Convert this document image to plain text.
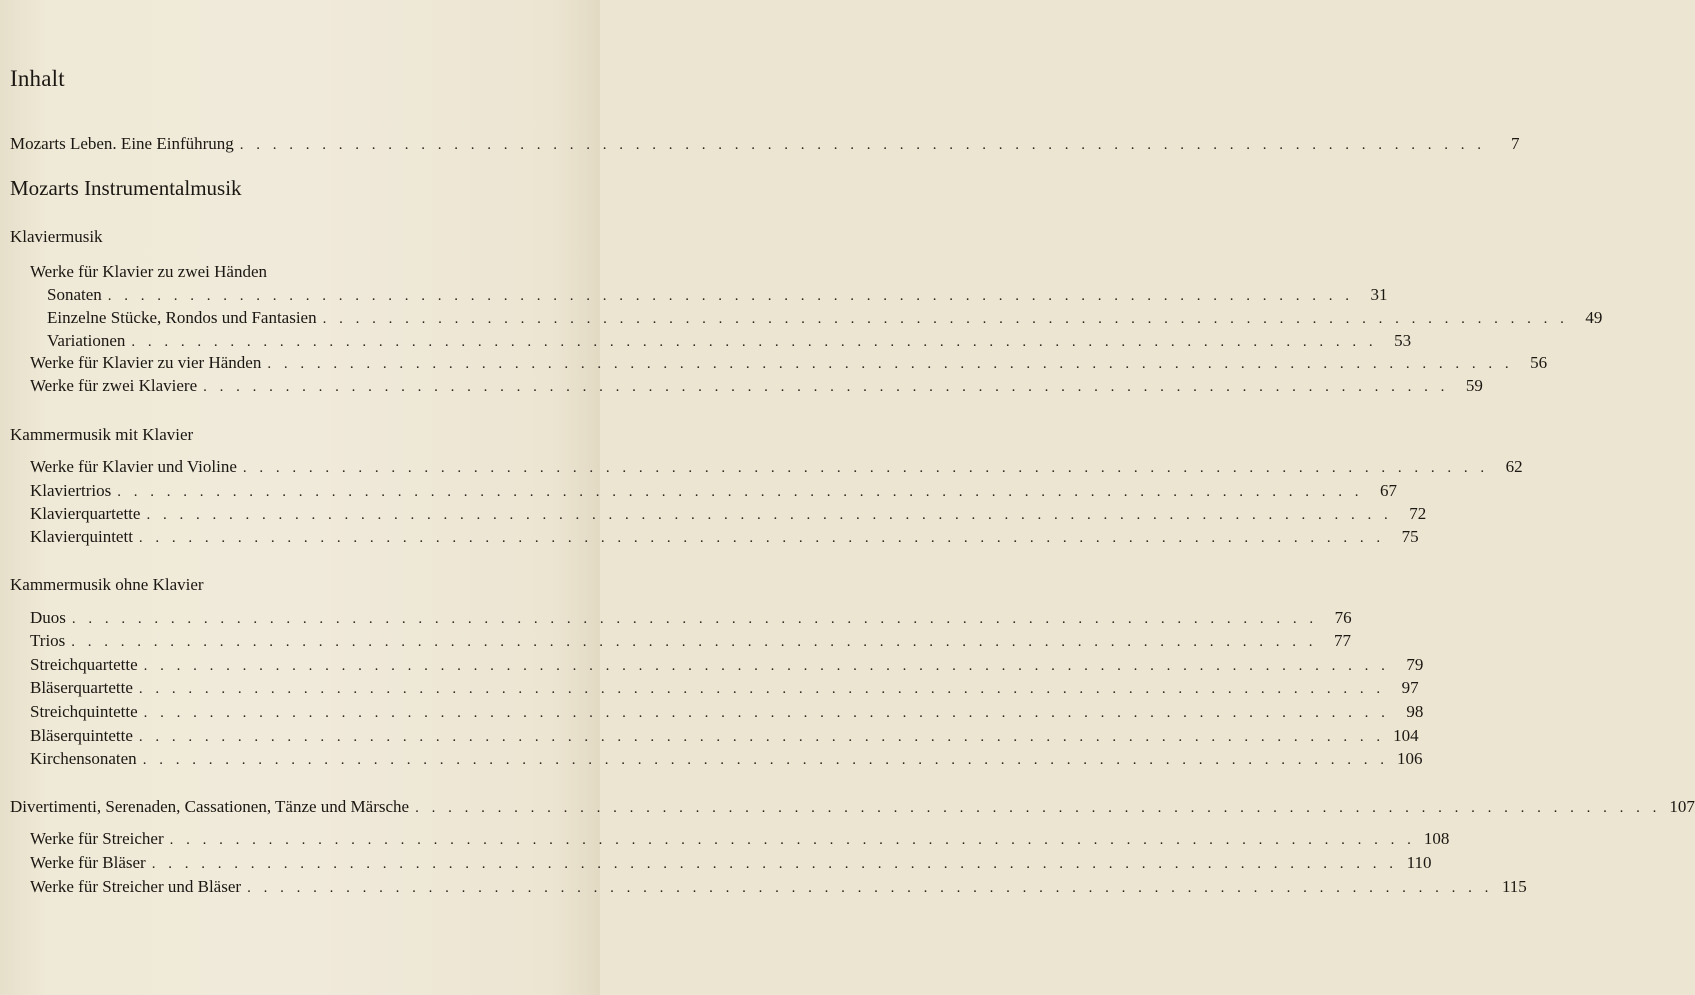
Inhalt
Mozarts Leben. Eine Einführung . . . . . . . . . . . . . . . . . . . . . . . . . . . . . . . . . . . . . . . . . . . . . . . . . . . . . . . . . . . . . . . . . . . . . . . . . . . .	7
Mozarts Instrumentalmusik
Klaviermusik
Werke für Klavier zu zwei Händen
Sonaten . . . . . . . . . . . . . . . . . . . . . . . . . . . . . . . . . . . . . . . . . . . . . . . . . . . . . . . . . . . . . . . . . . . . . . . . . . . .	31
Einzelne Stücke, Rondos und Fantasien . . . . . . . . . . . . . . . . . . . . . . . . . . . . . . . . . . . . . . . . . . . . . . . . . . . . . . . . . . . . . . . . . . . . . . . . . . . .	49
Variationen . . . . . . . . . . . . . . . . . . . . . . . . . . . . . . . . . . . . . . . . . . . . . . . . . . . . . . . . . . . . . . . . . . . . . . . . . . . .	53
Werke für Klavier zu vier Händen . . . . . . . . . . . . . . . . . . . . . . . . . . . . . . . . . . . . . . . . . . . . . . . . . . . . . . . . . . . . . . . . . . . . . . . . . . . .	56
Werke für zwei Klaviere . . . . . . . . . . . . . . . . . . . . . . . . . . . . . . . . . . . . . . . . . . . . . . . . . . . . . . . . . . . . . . . . . . . . . . . . . . . .	59
Kammermusik mit Klavier
Werke für Klavier und Violine . . . . . . . . . . . . . . . . . . . . . . . . . . . . . . . . . . . . . . . . . . . . . . . . . . . . . . . . . . . . . . . . . . . . . . . . . . . .	62
Klaviertrios . . . . . . . . . . . . . . . . . . . . . . . . . . . . . . . . . . . . . . . . . . . . . . . . . . . . . . . . . . . . . . . . . . . . . . . . . . . .	67
Klavierquartette . . . . . . . . . . . . . . . . . . . . . . . . . . . . . . . . . . . . . . . . . . . . . . . . . . . . . . . . . . . . . . . . . . . . . . . . . . . .	72
Klavierquintett . . . . . . . . . . . . . . . . . . . . . . . . . . . . . . . . . . . . . . . . . . . . . . . . . . . . . . . . . . . . . . . . . . . . . . . . . . . .	75
Kammermusik ohne Klavier
Duos . . . . . . . . . . . . . . . . . . . . . . . . . . . . . . . . . . . . . . . . . . . . . . . . . . . . . . . . . . . . . . . . . . . . . . . . . . . .	76
Trios . . . . . . . . . . . . . . . . . . . . . . . . . . . . . . . . . . . . . . . . . . . . . . . . . . . . . . . . . . . . . . . . . . . . . . . . . . . .	77
Streichquartette . . . . . . . . . . . . . . . . . . . . . . . . . . . . . . . . . . . . . . . . . . . . . . . . . . . . . . . . . . . . . . . . . . . . . . . . . . . .	79
Bläserquartette . . . . . . . . . . . . . . . . . . . . . . . . . . . . . . . . . . . . . . . . . . . . . . . . . . . . . . . . . . . . . . . . . . . . . . . . . . . .	97
Streichquintette . . . . . . . . . . . . . . . . . . . . . . . . . . . . . . . . . . . . . . . . . . . . . . . . . . . . . . . . . . . . . . . . . . . . . . . . . . . .	98
Bläserquintette . . . . . . . . . . . . . . . . . . . . . . . . . . . . . . . . . . . . . . . . . . . . . . . . . . . . . . . . . . . . . . . . . . . . . . . . . . . . 104
Kirchensonaten . . . . . . . . . . . . . . . . . . . . . . . . . . . . . . . . . . . . . . . . . . . . . . . . . . . . . . . . . . . . . . . . . . . . . . . . . . . . 106
Divertimenti, Serenaden, Cassationen, Tänze und Märsche . . . . . . . . . . . . . . . . . . . . . . . . . . . . . . . . . . . . . . . . . . . . . . . . . . . . . . . . . . . . . . . . . . . . . . . . . . . . 107
Werke für Streicher . . . . . . . . . . . . . . . . . . . . . . . . . . . . . . . . . . . . . . . . . . . . . . . . . . . . . . . . . . . . . . . . . . . . . . . . . . . . 108
Werke für Bläser . . . . . . . . . . . . . . . . . . . . . . . . . . . . . . . . . . . . . . . . . . . . . . . . . . . . . . . . . . . . . . . . . . . . . . . . . . . . 110
Werke für Streicher und Bläser . . . . . . . . . . . . . . . . . . . . . . . . . . . . . . . . . . . . . . . . . . . . . . . . . . . . . . . . . . . . . . . . . . . . . . . . . . . . 115
